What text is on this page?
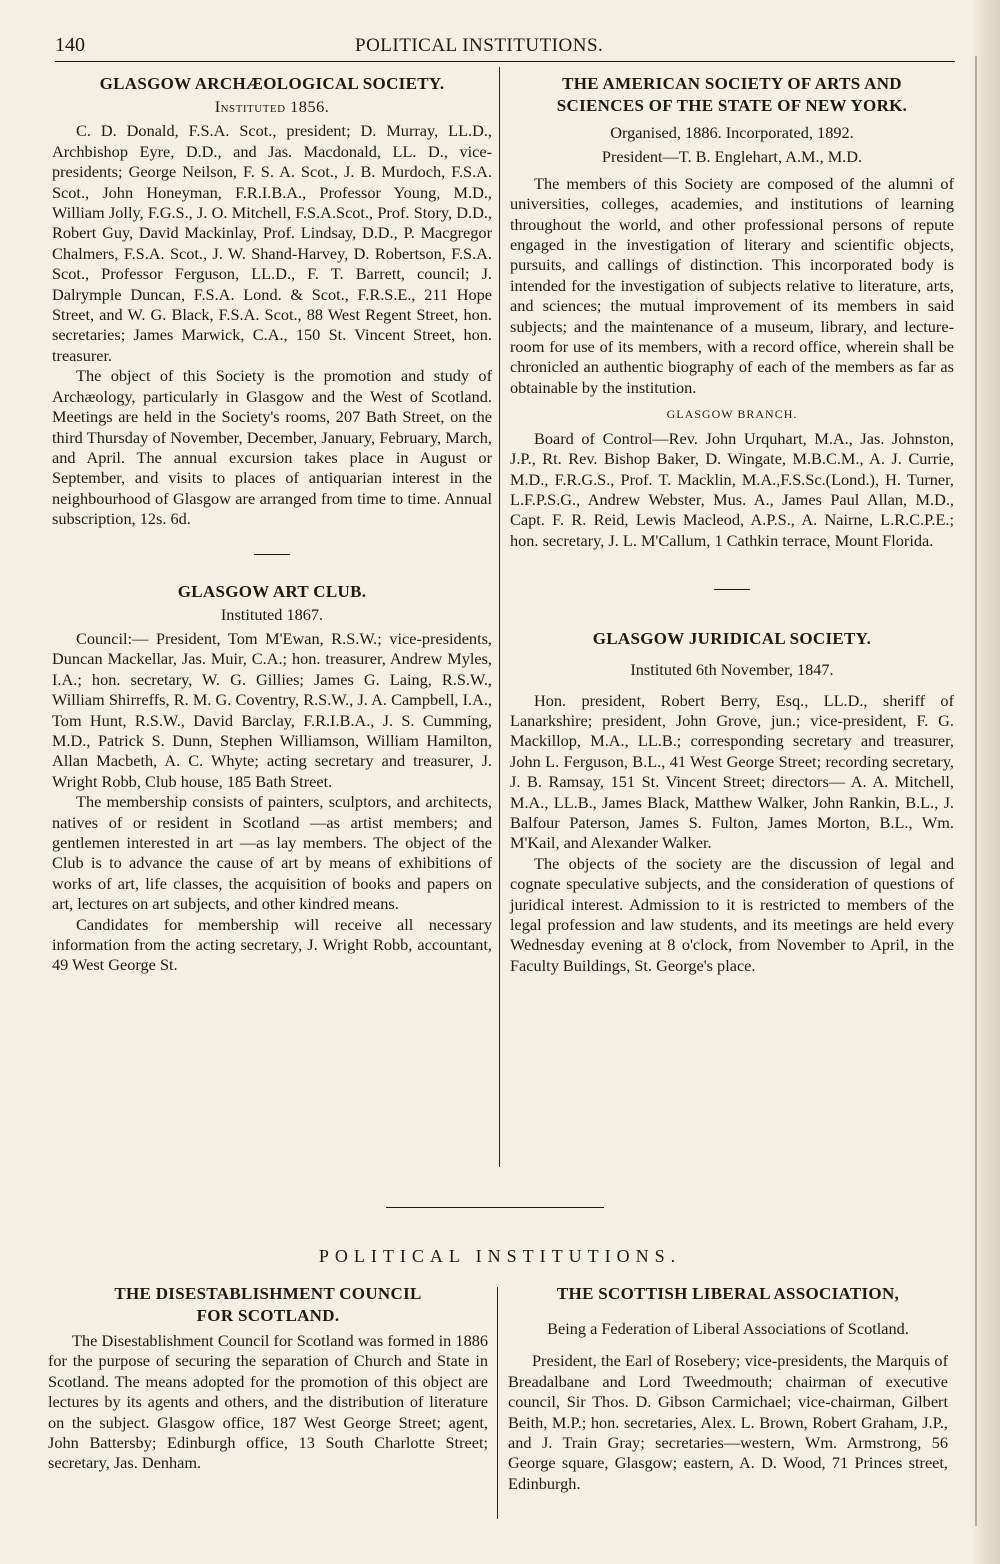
140	POLITICAL INSTITUTIONS.
GLASGOW ARCHÆOLOGICAL SOCIETY.
Instituted 1856.

C. D. Donald, F.S.A. Scot., president; D. Murray, LL.D., Archbishop Eyre, D.D., and Jas. Macdonald, LL. D., vice-presidents; George Neilson, F. S. A. Scot., J. B. Murdoch, F.S.A. Scot., John Honeyman, F.R.I.B.A., Professor Young, M.D., William Jolly, F.G.S., J. O. Mitchell, F.S.A.Scot., Prof. Story, D.D., Robert Guy, David Mackinlay, Prof. Lindsay, D.D., P. Macgregor Chalmers, F.S.A. Scot., J. W. Shand-Harvey, D. Robertson, F.S.A. Scot., Professor Ferguson, LL.D., F. T. Barrett, council; J. Dalrymple Duncan, F.S.A. Lond. & Scot., F.R.S.E., 211 Hope Street, and W. G. Black, F.S.A. Scot., 88 West Regent Street, hon. secretaries; James Marwick, C.A., 150 St. Vincent Street, hon. treasurer.

The object of this Society is the promotion and study of Archæology, particularly in Glasgow and the West of Scotland. Meetings are held in the Society's rooms, 207 Bath Street, on the third Thursday of November, December, January, February, March, and April. The annual excursion takes place in August or September, and visits to places of antiquarian interest in the neighbourhood of Glasgow are arranged from time to time. Annual subscription, 12s. 6d.

GLASGOW ART CLUB.
Instituted 1867.

Council:— President, Tom M'Ewan, R.S.W.; vice-presidents, Duncan Mackellar, Jas. Muir, C.A.; hon. treasurer, Andrew Myles, I.A.; hon. secretary, W. G. Gillies; James G. Laing, R.S.W., William Shirreffs, R. M. G. Coventry, R.S.W., J. A. Campbell, I.A., Tom Hunt, R.S.W., David Barclay, F.R.I.B.A., J. S. Cumming, M.D., Patrick S. Dunn, Stephen Williamson, William Hamilton, Allan Macbeth, A. C. Whyte; acting secretary and treasurer, J. Wright Robb, Club house, 185 Bath Street.

The membership consists of painters, sculptors, and architects, natives of or resident in Scotland —as artist members; and gentlemen interested in art —as lay members. The object of the Club is to advance the cause of art by means of exhibitions of works of art, life classes, the acquisition of books and papers on art, lectures on art subjects, and other kindred means.

Candidates for membership will receive all necessary information from the acting secretary, J. Wright Robb, accountant, 49 West George St.

THE AMERICAN SOCIETY OF ARTS AND
SCIENCES OF THE STATE OF NEW YORK.
Organised, 1886. Incorporated, 1892.
President—T. B. Englehart, A.M., M.D.

The members of this Society are composed of the alumni of universities, colleges, academies, and institutions of learning throughout the world, and other professional persons of repute engaged in the investigation of literary and scientific objects, pursuits, and callings of distinction. This incorporated body is intended for the investigation of subjects relative to literature, arts, and sciences; the mutual improvement of its members in said subjects; and the maintenance of a museum, library, and lecture-room for use of its members, with a record office, wherein shall be chronicled an authentic biography of each of the members as far as obtainable by the institution.

GLASGOW BRANCH.

Board of Control—Rev. John Urquhart, M.A., Jas. Johnston, J.P., Rt. Rev. Bishop Baker, D. Wingate, M.B.C.M., A. J. Currie, M.D., F.R.G.S., Prof. T. Macklin, M.A.,F.S.Sc.(Lond.), H. Turner, L.F.P.S.G., Andrew Webster, Mus. A., James Paul Allan, M.D., Capt. F. R. Reid, Lewis Macleod, A.P.S., A. Nairne, L.R.C.P.E.; hon. secretary, J. L. M'Callum, 1 Cathkin terrace, Mount Florida.

GLASGOW JURIDICAL SOCIETY.
Instituted 6th November, 1847.

Hon. president, Robert Berry, Esq., LL.D., sheriff of Lanarkshire; president, John Grove, jun.; vice-president, F. G. Mackillop, M.A., LL.B.; corresponding secretary and treasurer, John L. Ferguson, B.L., 41 West George Street; recording secretary, J. B. Ramsay, 151 St. Vincent Street; directors— A. A. Mitchell, M.A., LL.B., James Black, Matthew Walker, John Rankin, B.L., J. Balfour Paterson, James S. Fulton, James Morton, B.L., Wm. M'Kail, and Alexander Walker.

The objects of the society are the discussion of legal and cognate speculative subjects, and the consideration of questions of juridical interest. Admission to it is restricted to members of the legal profession and law students, and its meetings are held every Wednesday evening at 8 o'clock, from November to April, in the Faculty Buildings, St. George's place.

POLITICAL INSTITUTIONS.
THE DISESTABLISHMENT COUNCIL
FOR SCOTLAND.

The Disestablishment Council for Scotland was formed in 1886 for the purpose of securing the separation of Church and State in Scotland. The means adopted for the promotion of this object are lectures by its agents and others, and the distribution of literature on the subject. Glasgow office, 187 West George Street; agent, John Battersby; Edinburgh office, 13 South Charlotte Street; secretary, Jas. Denham.

THE SCOTTISH LIBERAL ASSOCIATION,
Being a Federation of Liberal Associations of Scotland.

President, the Earl of Rosebery; vice-presidents, the Marquis of Breadalbane and Lord Tweedmouth; chairman of executive council, Sir Thos. D. Gibson Carmichael; vice-chairman, Gilbert Beith, M.P.; hon. secretaries, Alex. L. Brown, Robert Graham, J.P., and J. Train Gray; secretaries—western, Wm. Armstrong, 56 George square, Glasgow; eastern, A. D. Wood, 71 Princes street, Edinburgh.
